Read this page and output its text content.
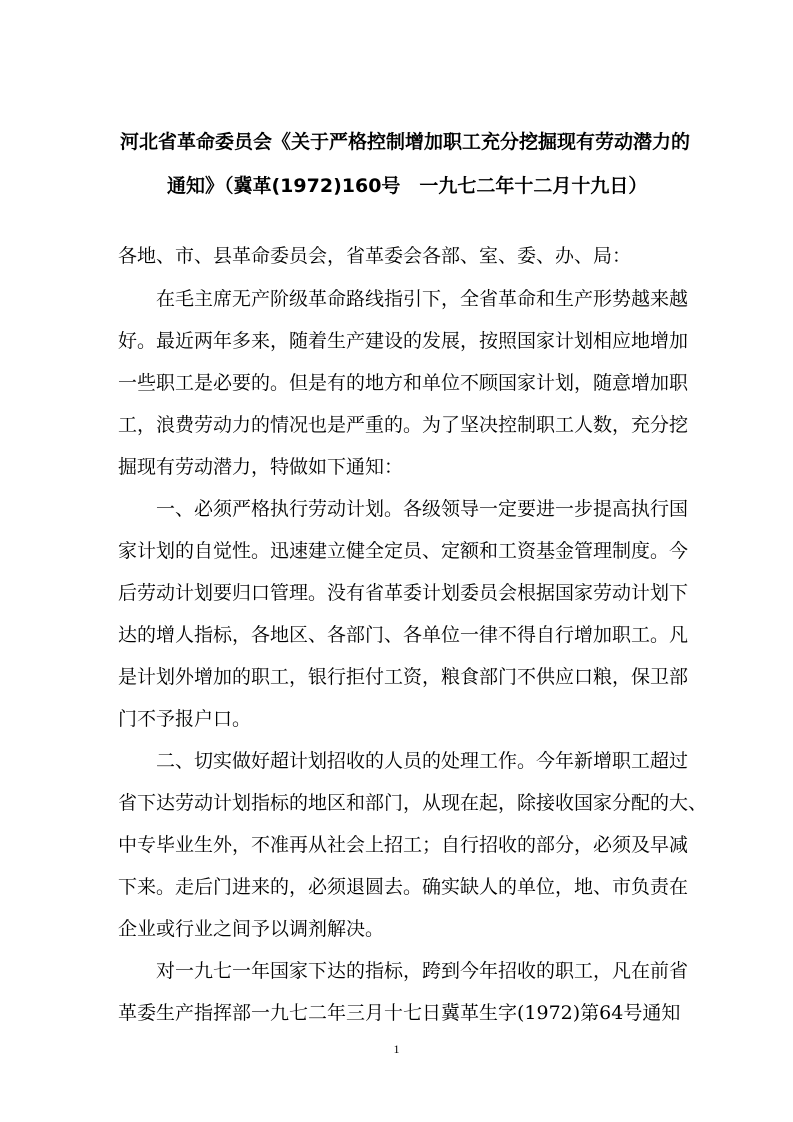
河北省革命委员会《关于严格控制增加职工充分挖掘现有劳动潜力的
通知》（冀革(1972)160号　一九七二年十二月十九日）
各地、市、县革命委员会，省革委会各部、室、委、办、局：
　　在毛主席无产阶级革命路线指引下，全省革命和生产形势越来越
好。最近两年多来，随着生产建设的发展，按照国家计划相应地增加
一些职工是必要的。但是有的地方和单位不顾国家计划，随意增加职
工，浪费劳动力的情况也是严重的。为了坚决控制职工人数，充分挖
掘现有劳动潜力，特做如下通知：
　　一、必须严格执行劳动计划。各级领导一定要进一步提高执行国
家计划的自觉性。迅速建立健全定员、定额和工资基金管理制度。今
后劳动计划要归口管理。没有省革委计划委员会根据国家劳动计划下
达的增人指标，各地区、各部门、各单位一律不得自行增加职工。凡
是计划外增加的职工，银行拒付工资，粮食部门不供应口粮，保卫部
门不予报户口。
　　二、切实做好超计划招收的人员的处理工作。今年新增职工超过
省下达劳动计划指标的地区和部门，从现在起，除接收国家分配的大、
中专毕业生外，不准再从社会上招工；自行招收的部分，必须及早减
下来。走后门进来的，必须退圆去。确实缺人的单位，地、市负责在
企业或行业之间予以调剂解决。
　　对一九七一年国家下达的指标，跨到今年招收的职工，凡在前省
革委生产指挥部一九七二年三月十七日冀革生字(1972)第64号通知
1
